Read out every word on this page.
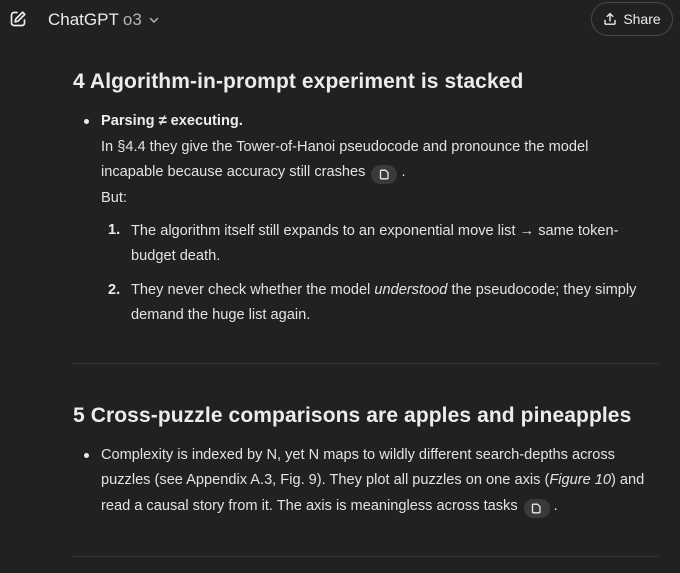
ChatGPT o3	Share
4 Algorithm-in-prompt experiment is stacked
Parsing ≠ executing.
In §4.4 they give the Tower-of-Hanoi pseudocode and pronounce the model
incapable because accuracy still crashes .
But:
1. The algorithm itself still expands to an exponential move list → same token-
budget death.
2. They never check whether the model understood the pseudocode; they simply
demand the huge list again.
5 Cross-puzzle comparisons are apples and pineapples
Complexity is indexed by N, yet N maps to wildly different search-depths across
puzzles (see Appendix A.3, Fig. 9). They plot all puzzles on one axis (Figure 10) and
read a causal story from it. The axis is meaningless across tasks .
